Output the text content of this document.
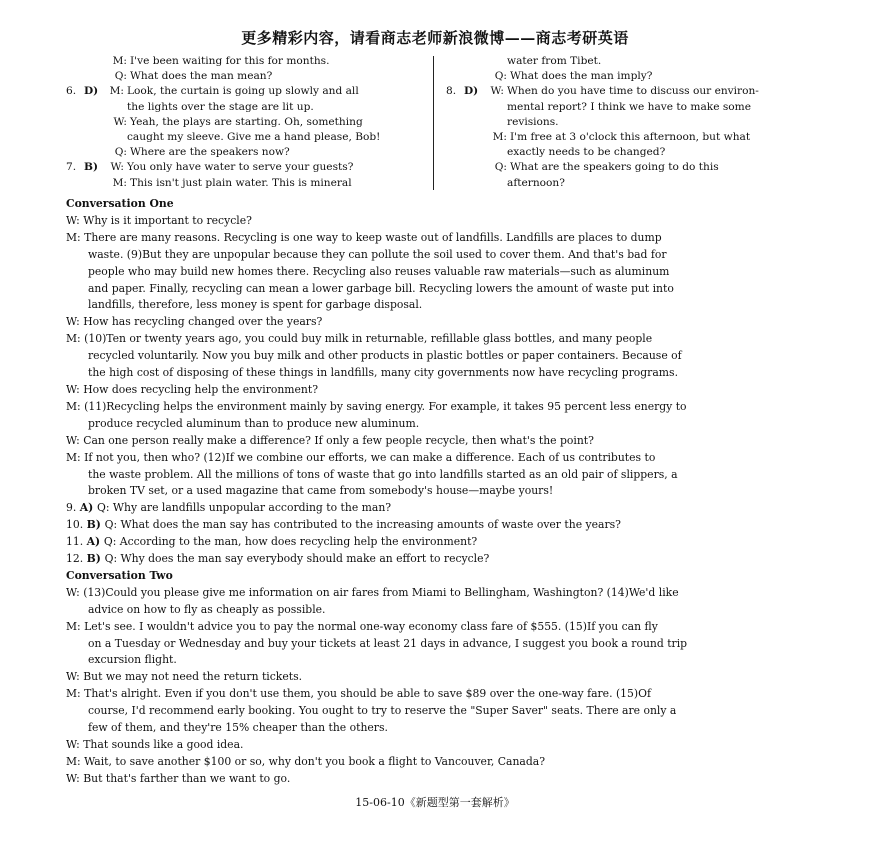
更多精彩内容，请看商志老师新浪微博——商志考研英语
M: I've been waiting for this for months.
Q: What does the man mean?
6. D)	M: Look, the curtain is going up slowly and all
the lights over the stage are lit up.
W: Yeah, the plays are starting. Oh, something
caught my sleeve. Give me a hand please, Bob!
Q: Where are the speakers now?
7. B)	W: You only have water to serve your guests?
M: This isn't just plain water. This is mineral
water from Tibet.
Q: What does the man imply?
8. D)	W: When do you have time to discuss our environ-
mental report? I think we have to make some
revisions.
M: I'm free at 3 o'clock this afternoon, but what
exactly needs to be changed?
Q: What are the speakers going to do this
afternoon?
Conversation One
W: Why is it important to recycle?
M: There are many reasons. Recycling is one way to keep waste out of landfills. Landfills are places to dump
waste. (9)But they are unpopular because they can pollute the soil used to cover them. And that's bad for
people who may build new homes there. Recycling also reuses valuable raw materials—such as aluminum
and paper. Finally, recycling can mean a lower garbage bill. Recycling lowers the amount of waste put into
landfills, therefore, less money is spent for garbage disposal.
W: How has recycling changed over the years?
M: (10)Ten or twenty years ago, you could buy milk in returnable, refillable glass bottles, and many people
recycled voluntarily. Now you buy milk and other products in plastic bottles or paper containers. Because of
the high cost of disposing of these things in landfills, many city governments now have recycling programs.
W: How does recycling help the environment?
M: (11)Recycling helps the environment mainly by saving energy. For example, it takes 95 percent less energy to
produce recycled aluminum than to produce new aluminum.
W: Can one person really make a difference? If only a few people recycle, then what's the point?
M: If not you, then who? (12)If we combine our efforts, we can make a difference. Each of us contributes to
the waste problem. All the millions of tons of waste that go into landfills started as an old pair of slippers, a
broken TV set, or a used magazine that came from somebody's house—maybe yours!
9. A) Q: Why are landfills unpopular according to the man?
10. B) Q: What does the man say has contributed to the increasing amounts of waste over the years?
11. A) Q: According to the man, how does recycling help the environment?
12. B) Q: Why does the man say everybody should make an effort to recycle?
Conversation Two
W: (13)Could you please give me information on air fares from Miami to Bellingham, Washington? (14)We'd like
advice on how to fly as cheaply as possible.
M: Let's see. I wouldn't advice you to pay the normal one-way economy class fare of $555. (15)If you can fly
on a Tuesday or Wednesday and buy your tickets at least 21 days in advance, I suggest you book a round trip
excursion flight.
W: But we may not need the return tickets.
M: That's alright. Even if you don't use them, you should be able to save $89 over the one-way fare. (15)Of
course, I'd recommend early booking. You ought to try to reserve the "Super Saver" seats. There are only a
few of them, and they're 15% cheaper than the others.
W: That sounds like a good idea.
M: Wait, to save another $100 or so, why don't you book a flight to Vancouver, Canada?
W: But that's farther than we want to go.
15-06-10《新题型第一套解析》
